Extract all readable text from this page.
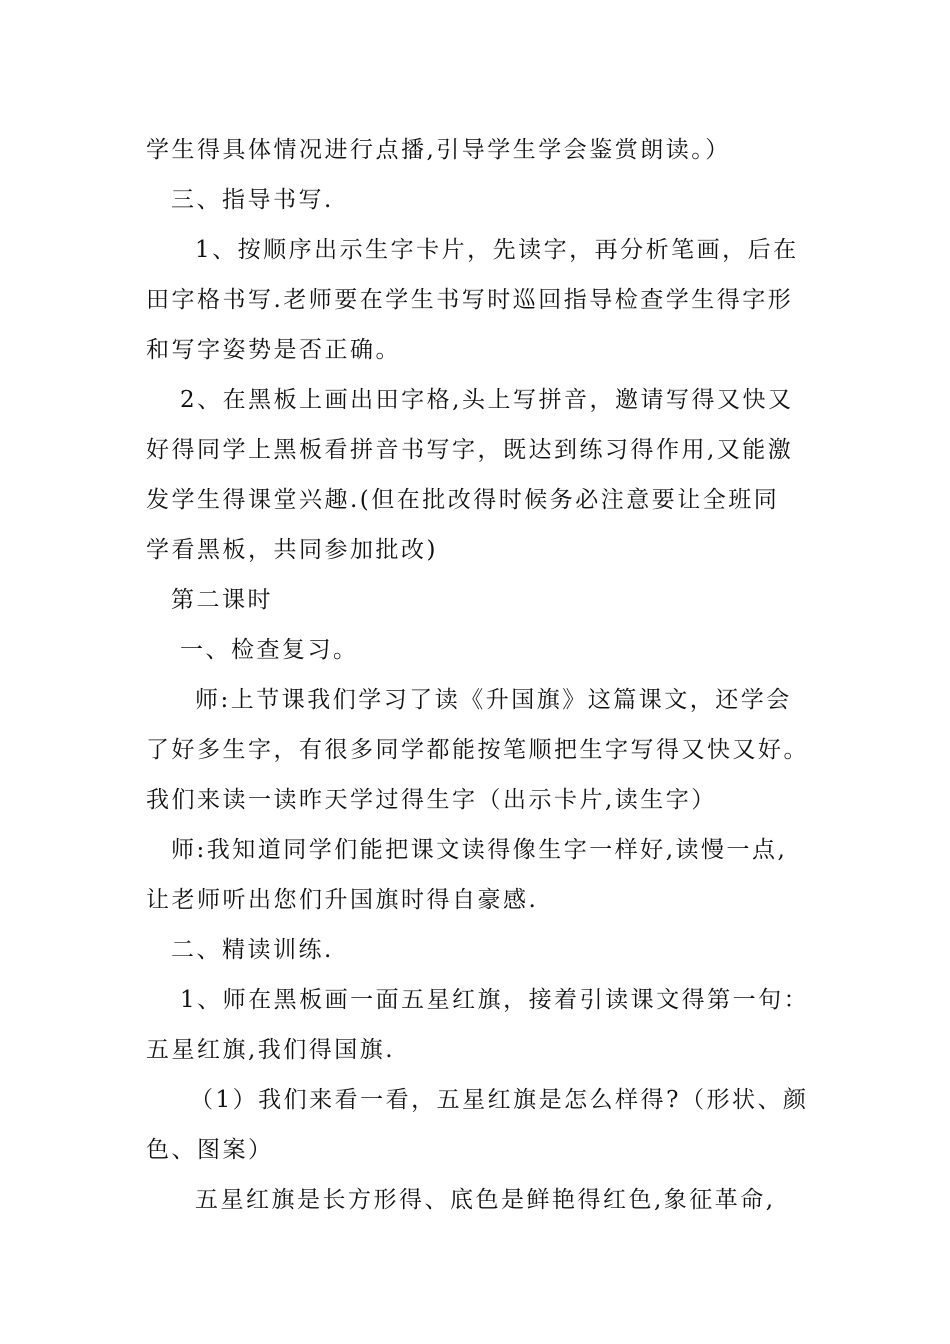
学生得具体情况进行点播,引导学生学会鉴赏朗读。）
三、指导书写.
1、按顺序出示生字卡片，先读字，再分析笔画，后在
田字格书写.老师要在学生书写时巡回指导检查学生得字形
和写字姿势是否正确。
2、在黑板上画出田字格,头上写拼音，邀请写得又快又
好得同学上黑板看拼音书写字，既达到练习得作用,又能激
发学生得课堂兴趣.(但在批改得时候务必注意要让全班同
学看黑板，共同参加批改)
第二课时
一、检查复习。
师:上节课我们学习了读《升国旗》这篇课文，还学会
了好多生字，有很多同学都能按笔顺把生字写得又快又好。
我们来读一读昨天学过得生字（出示卡片,读生字）
师:我知道同学们能把课文读得像生字一样好,读慢一点,
让老师听出您们升国旗时得自豪感.
二、精读训练.
1、师在黑板画一面五星红旗，接着引读课文得第一句：
五星红旗,我们得国旗.
（1）我们来看一看，五星红旗是怎么样得?（形状、颜
色、图案）
五星红旗是长方形得、底色是鲜艳得红色,象征革命,
